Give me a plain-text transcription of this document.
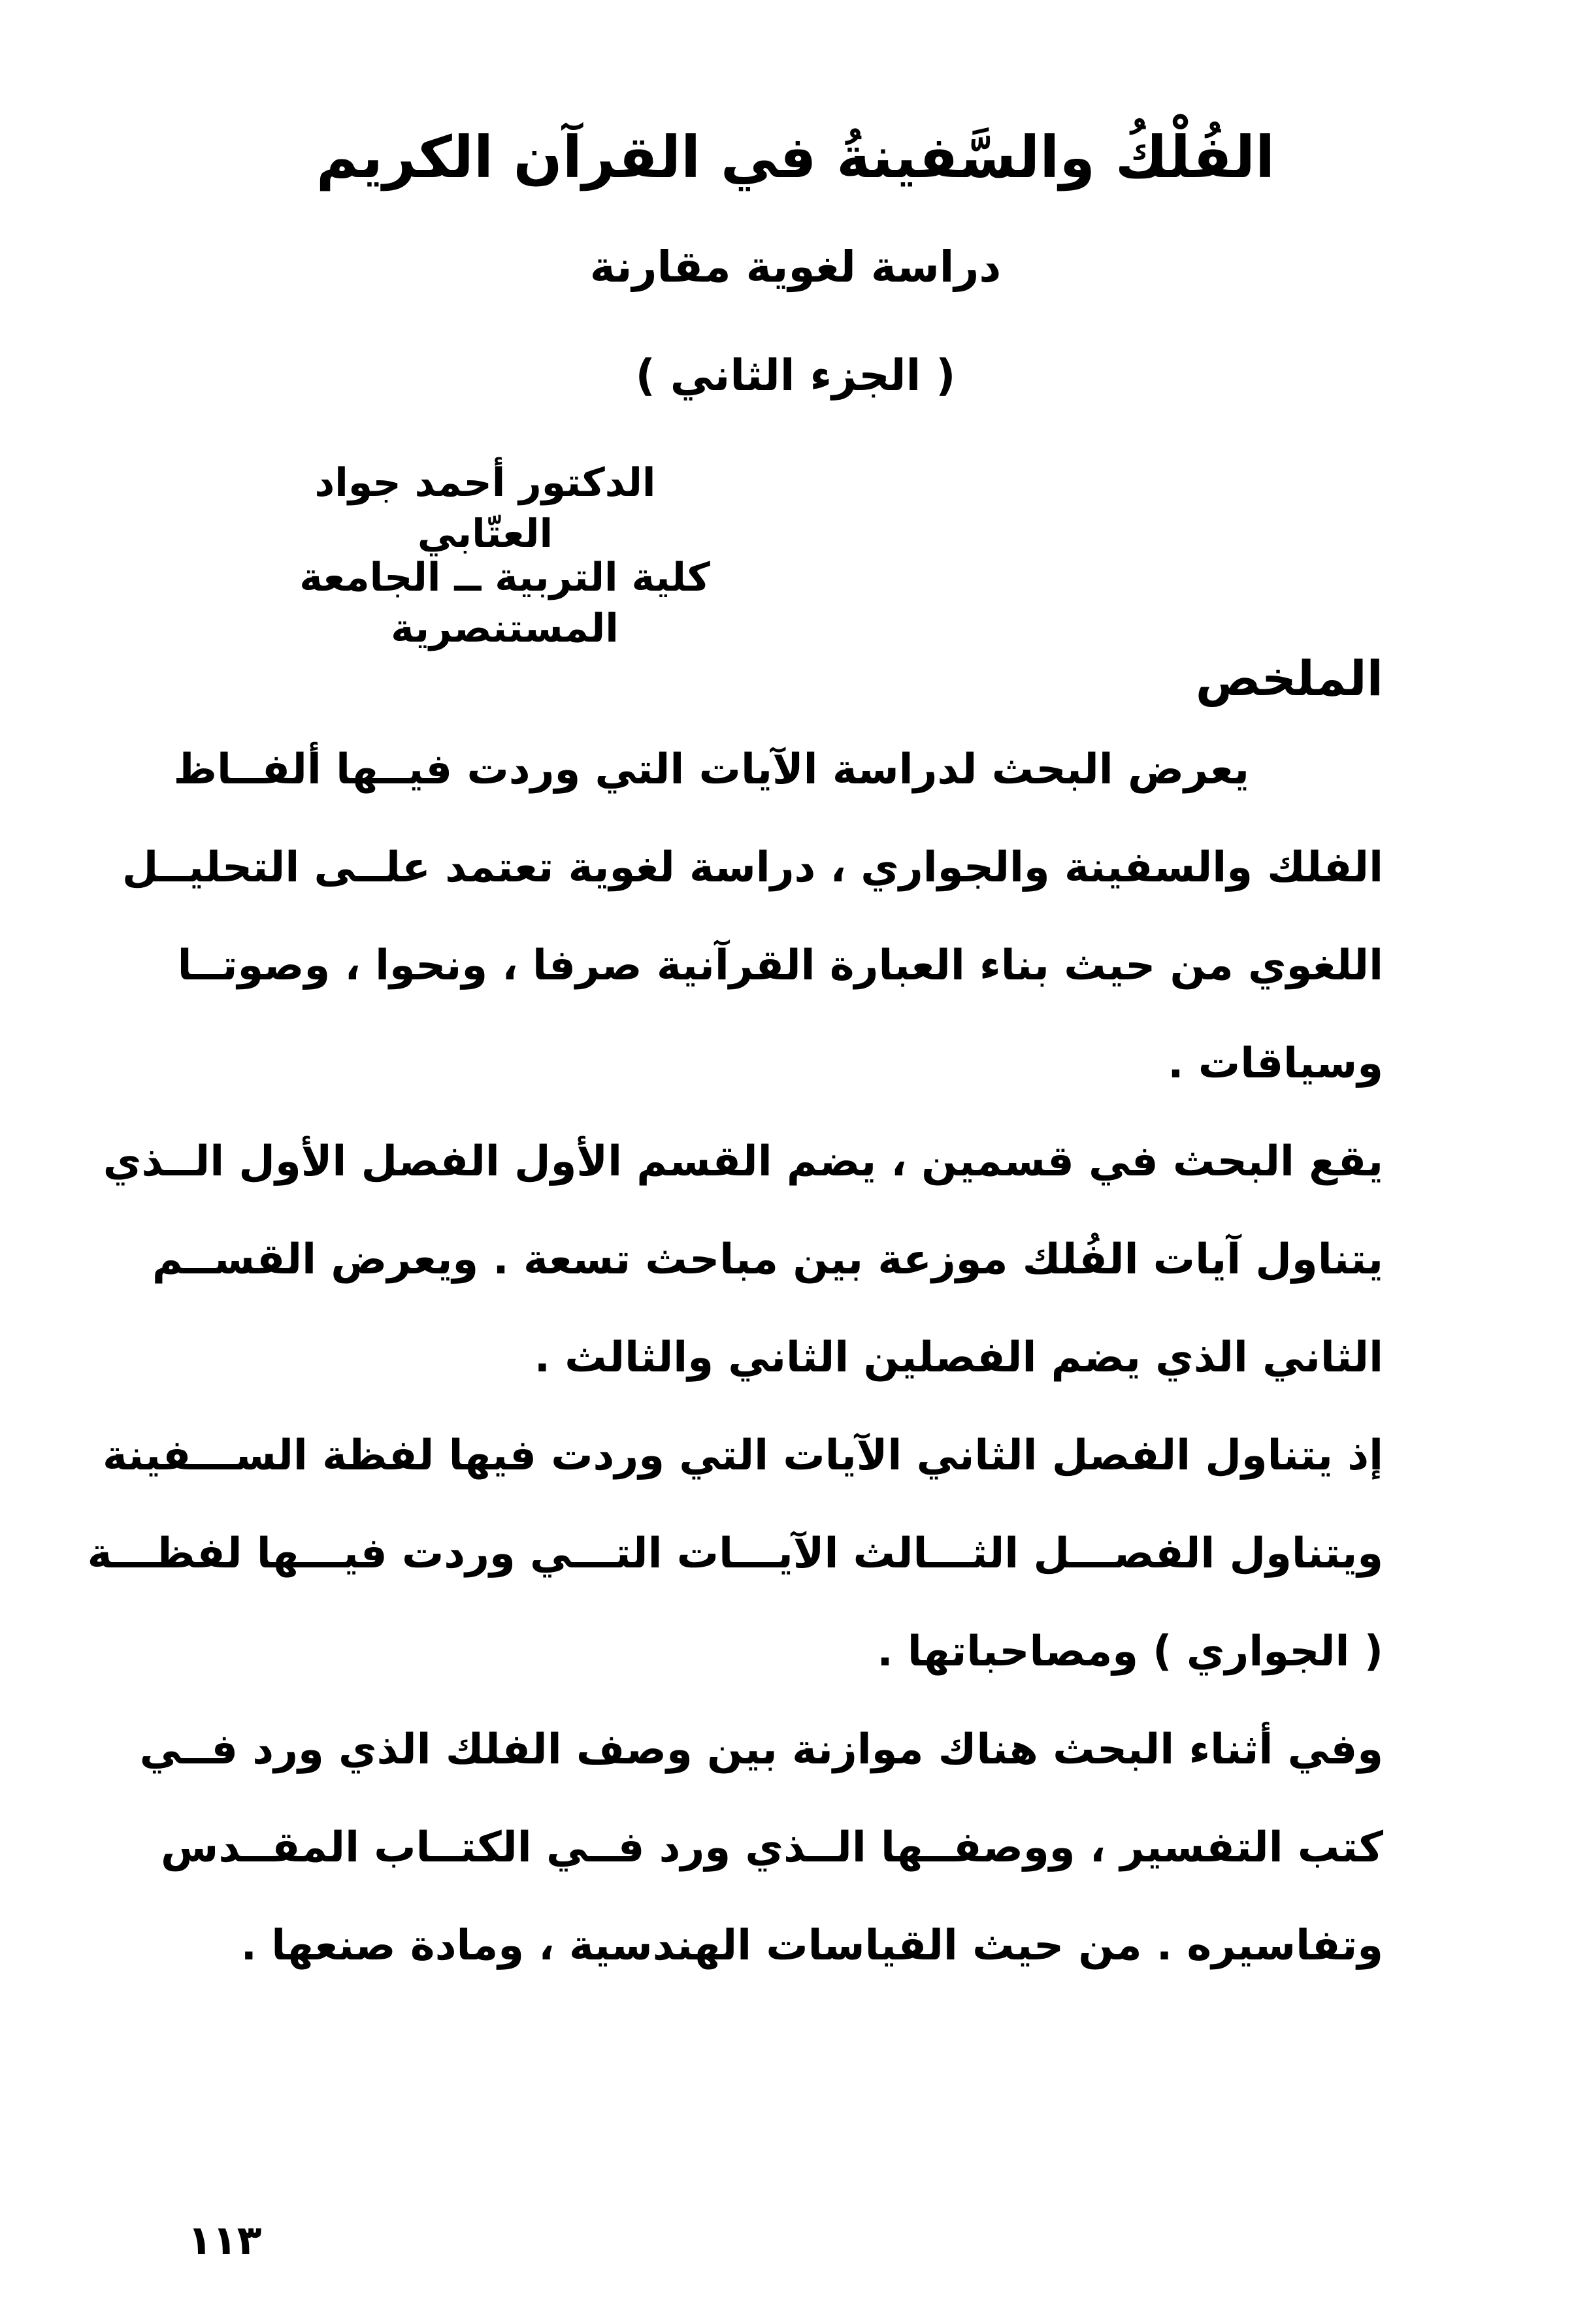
الفُلْكُ والسَّفينةُ في القرآن الكريم
دراسة لغوية مقارنة
( الجزء الثاني )
الدكتور أحمد جواد العتّابي
كلية التربية ــ الجامعة المستنصرية
الملخص
يعرض البحث لدراسة الآيات التي وردت فيــها ألفــاظ
الفلك والسفينة والجواري ، دراسة لغوية تعتمد علــى التحليــل
اللغوي من حيث بناء العبارة القرآنية صرفا ، ونحوا ، وصوتــا
وسياقات .
يقع البحث في قسمين ، يضم القسم الأول الفصل الأول الــذي
يتناول آيات الفُلك موزعة بين مباحث تسعة . ويعرض القســم
الثاني الذي يضم الفصلين الثاني والثالث .
إذ يتناول الفصل الثاني الآيات التي وردت فيها لفظة الســـفينة
ويتناول الفصـــل الثـــالث الآيـــات التـــي وردت فيـــها لفظـــة
( الجواري ) ومصاحباتها .
وفي أثناء البحث هناك موازنة بين وصف الفلك الذي ورد فــي
كتب التفسير ، ووصفــها الــذي ورد فــي الكتــاب المقــدس
وتفاسيره . من حيث القياسات الهندسية ، ومادة صنعها .
١١٣
